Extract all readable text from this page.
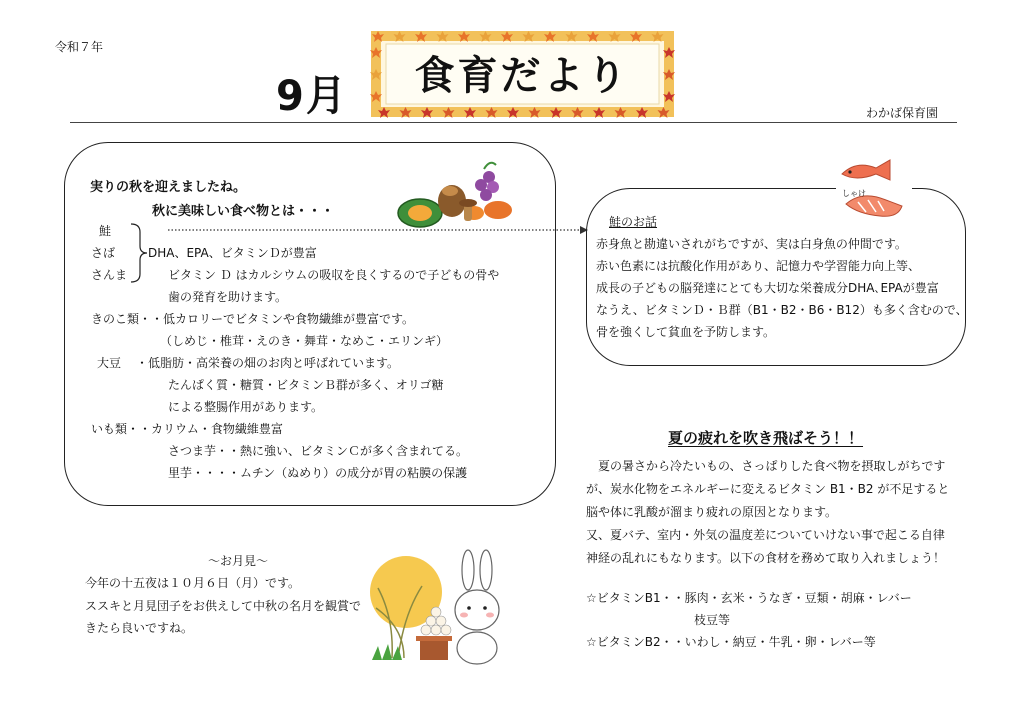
令和７年
9月	食育だより
わかば保育園
実りの秋を迎えましたね。
秋に美味しい食べ物とは・・・
鮭
さば
さんま
DHA、EPA、ビタミンＤが豊富
ビタミン Ｄ はカルシウムの吸収を良くするので子どもの骨や
歯の発育を助けます。
きのこ類・・低カロリーでビタミンや食物繊維が豊富です。
（しめじ・椎茸・えのき・舞茸・なめこ・エリンギ）
大豆 ・低脂肪・高栄養の畑のお肉と呼ばれています。
たんぱく質・糖質・ビタミンＢ群が多く、オリゴ糖
による整腸作用があります。
いも類・・カリウム・食物繊維豊富
さつま芋・・熱に強い、ビタミンＣが多く含まれてる。
里芋・・・・ムチン（ぬめり）の成分が胃の粘膜の保護
しゃけ
鮭のお話
赤身魚と勘違いされがちですが、実は白身魚の仲間です。
赤い色素には抗酸化作用があり、記憶力や学習能力向上等、
成長の子どもの脳発達にとても大切な栄養成分DHA､EPAが豊富
なうえ、ビタミンＤ・Ｂ群（B1・B2・B6・B12）も多く含むので、
骨を強くして貧血を予防します。
～お月見～
今年の十五夜は１０月６日（月）です。
ススキと月見団子をお供えして中秋の名月を観賞で
きたら良いですね。
夏の疲れを吹き飛ばそう！！
夏の暑さから冷たいもの、さっぱりした食べ物を摂取しがちです
が、炭水化物をエネルギーに変えるビタミン B1・B2 が不足すると
脳や体に乳酸が溜まり疲れの原因となります。
又、夏バテ、室内・外気の温度差についていけない事で起こる自律
神経の乱れにもなります。以下の食材を務めて取り入れましょう！
☆ビタミンB1・・豚肉・玄米・うなぎ・豆類・胡麻・レバー
枝豆等
☆ビタミンB2・・いわし・納豆・牛乳・卵・レバー等
